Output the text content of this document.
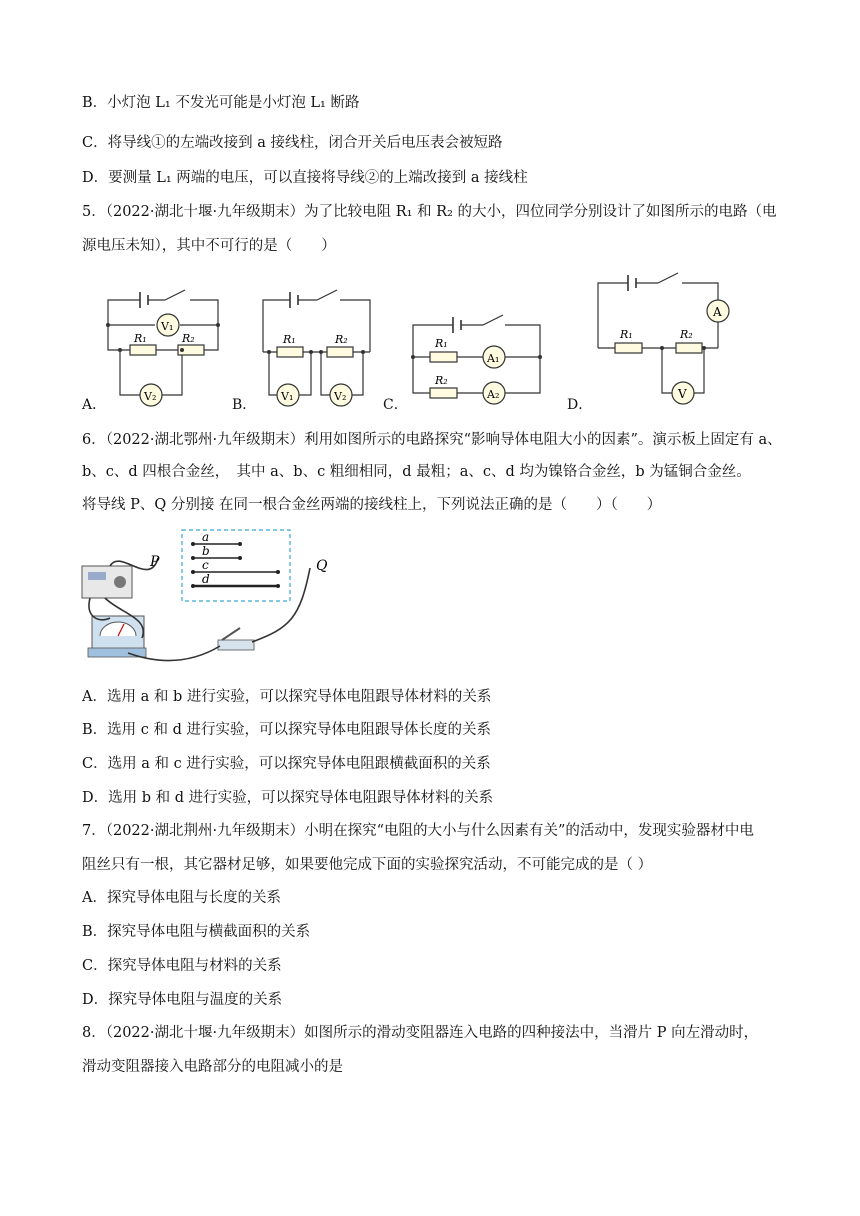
B．小灯泡 L₁ 不发光可能是小灯泡 L₁ 断路
C．将导线①的左端改接到 a 接线柱，闭合开关后电压表会被短路
D．要测量 L₁ 两端的电压，可以直接将导线②的上端改接到 a 接线柱
5．（2022·湖北十堰·九年级期末）为了比较电阻 R₁ 和 R₂ 的大小，四位同学分别设计了如图所示的电路（电
源电压未知），其中不可行的是（　　）
A．
V₁
V₂
R₁	R₂
B．
R₁	R₂
V₁	V₂
C．
R₁
R₂
A₁
A₂
D．
A
R₁	R₂
V
6．（2022·湖北鄂州·九年级期末）利用如图所示的电路探究“影响导体电阻大小的因素”。演示板上固定有 a、
b、c、d 四根合金丝，　其中 a、b、c 粗细相同，d 最粗；a、c、d 均为镍铬合金丝，b 为锰铜合金丝。
将导线 P、Q 分别接 在同一根合金丝两端的接线柱上，下列说法正确的是（　　）（　　）
a
b
c
d
P	Q
A．选用 a 和 b 进行实验，可以探究导体电阻跟导体材料的关系
B．选用 c 和 d 进行实验，可以探究导体电阻跟导体长度的关系
C．选用 a 和 c 进行实验，可以探究导体电阻跟横截面积的关系
D．选用 b 和 d 进行实验，可以探究导体电阻跟导体材料的关系
7．（2022·湖北荆州·九年级期末）小明在探究“电阻的大小与什么因素有关”的活动中，发现实验器材中电
阻丝只有一根，其它器材足够，如果要他完成下面的实验探究活动，不可能完成的是（ ）
A．探究导体电阻与长度的关系
B．探究导体电阻与横截面积的关系
C．探究导体电阻与材料的关系
D．探究导体电阻与温度的关系
8．（2022·湖北十堰·九年级期末）如图所示的滑动变阻器连入电路的四种接法中，当滑片 P 向左滑动时，
滑动变阻器接入电路部分的电阻减小的是
